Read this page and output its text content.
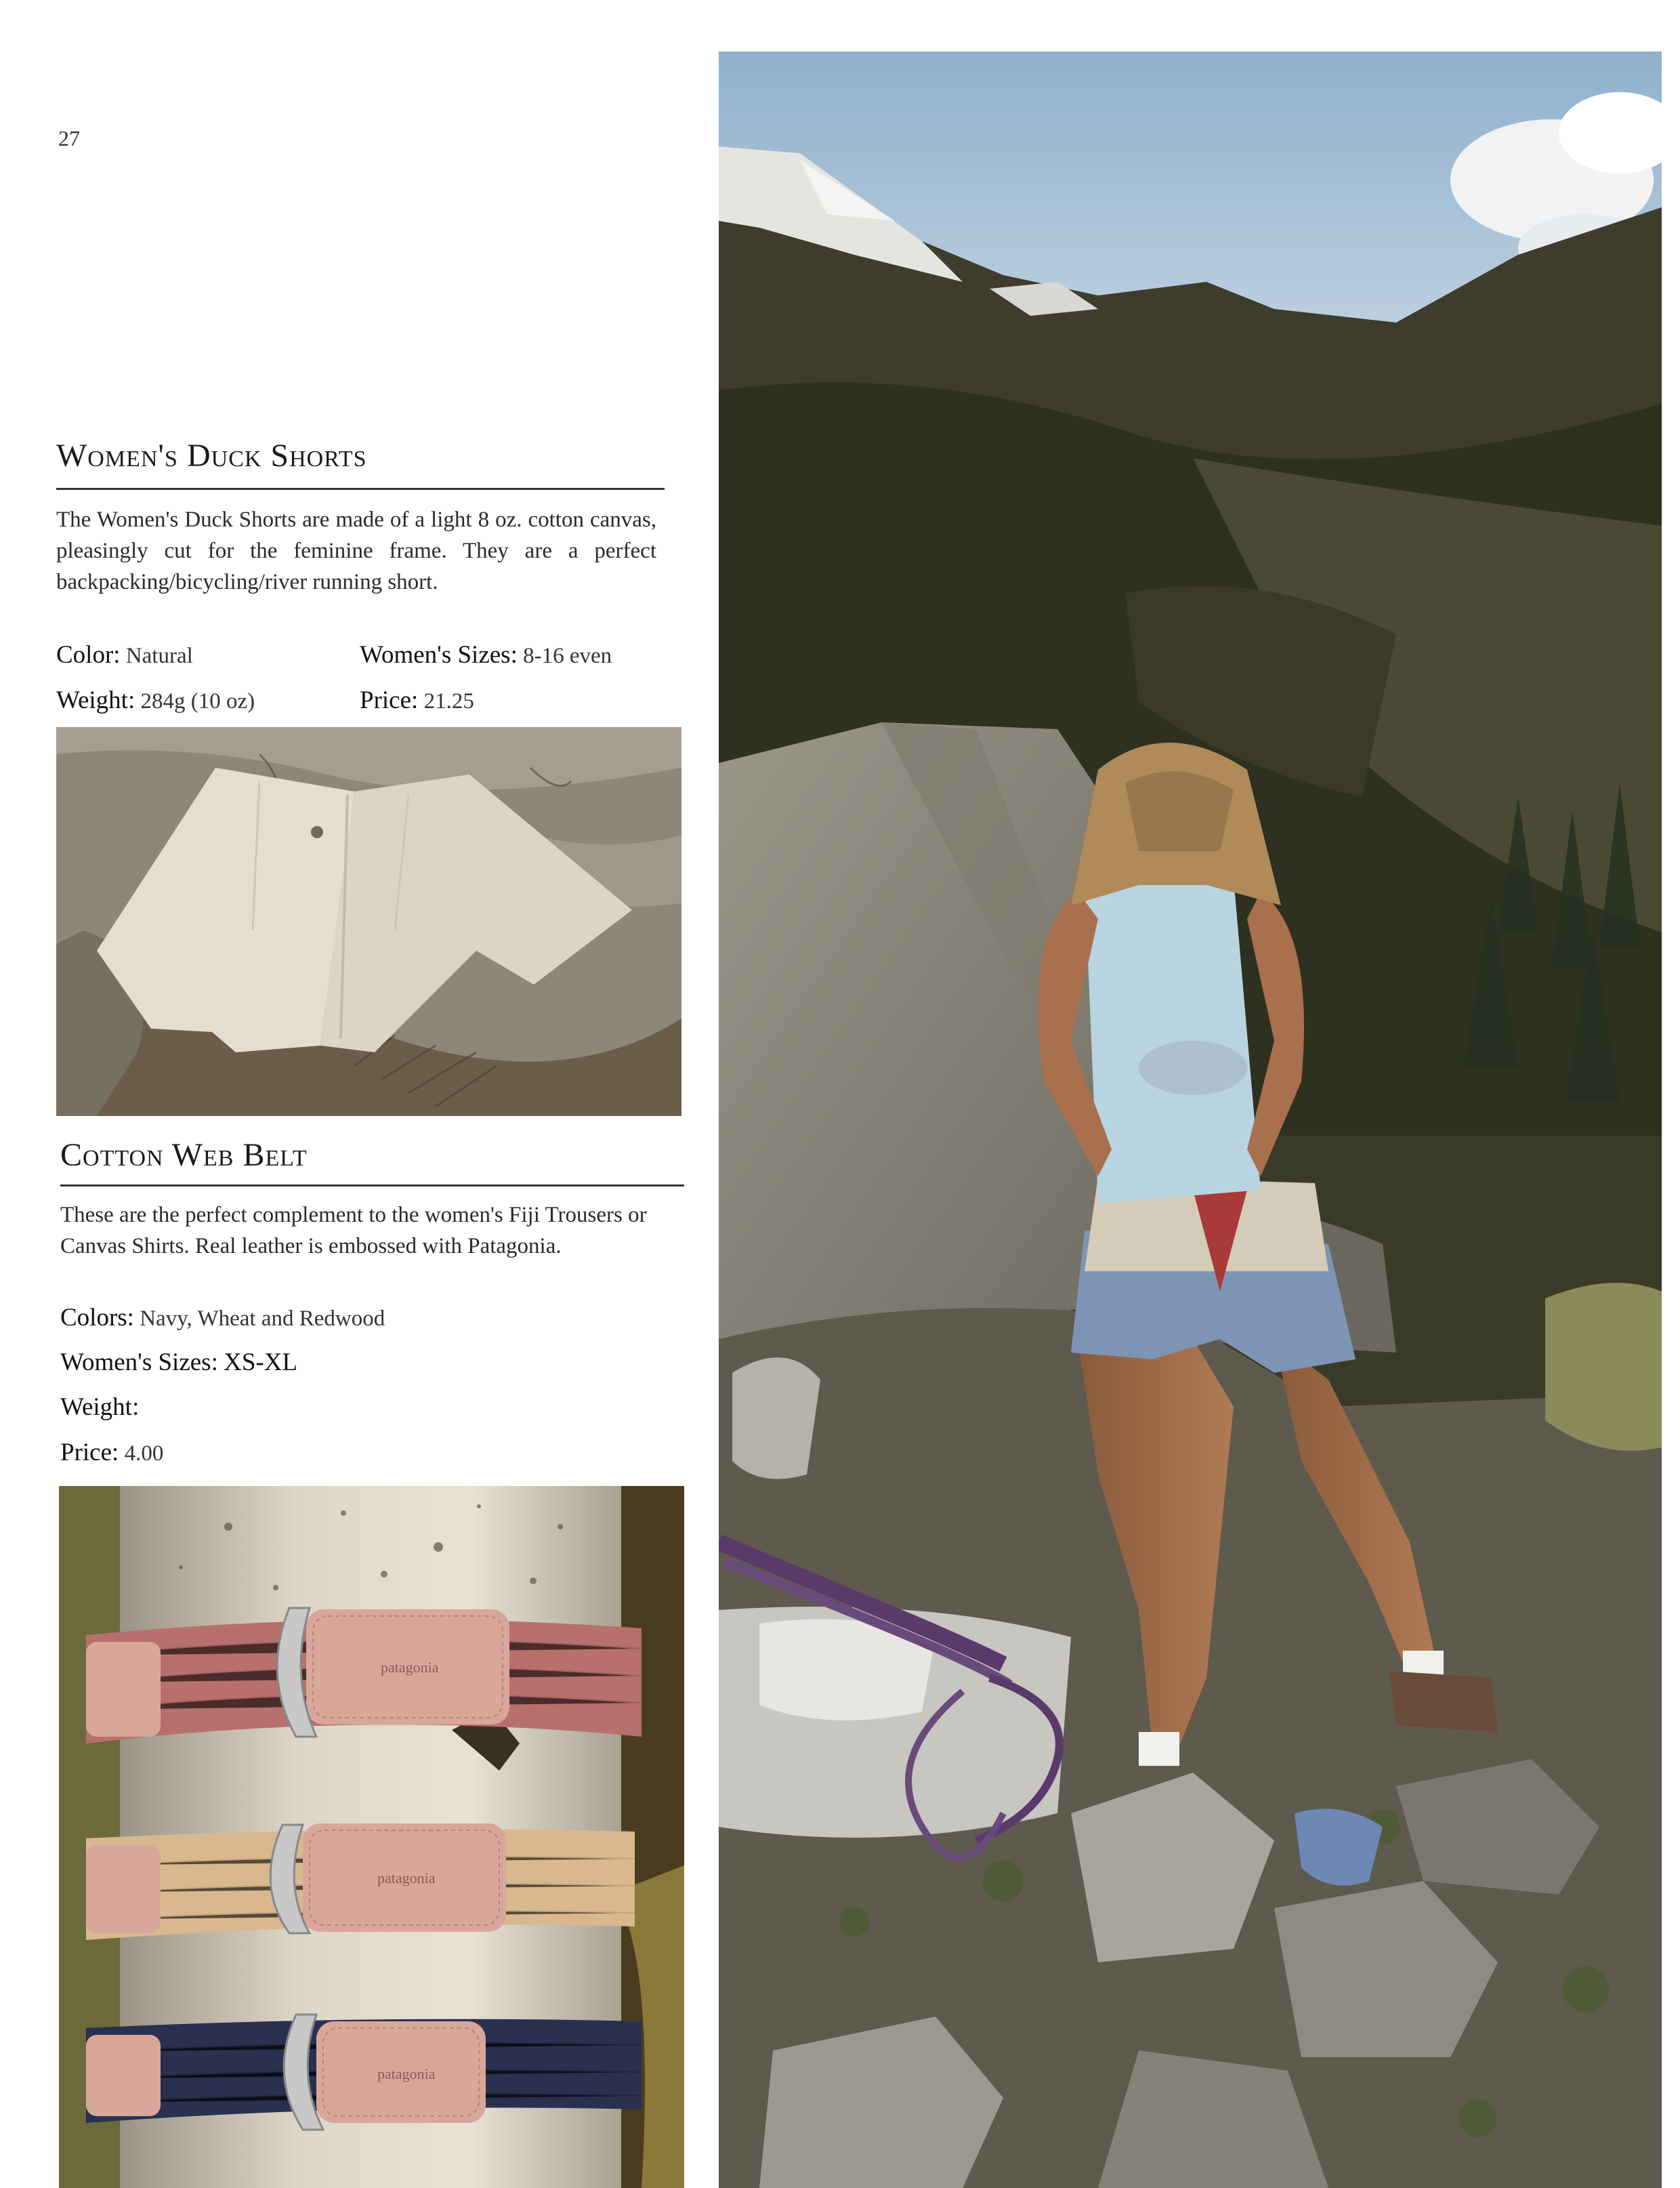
27
Women's Duck Shorts

The Women's Duck Shorts are made of a light 8 oz. cotton canvas, pleasingly cut for the feminine frame. They are a perfect backpacking/bicycling/river running short.

Color: Natural	Women's Sizes: 8-16 even
Weight: 284g (10 oz)	Price: 21.25
Cotton Web Belt

These are the perfect complement to the women's Fiji Trousers or Canvas Shirts. Real leather is embossed with Patagonia.

Colors: Navy, Wheat and Redwood
Women's Sizes: XS-XL
Weight:
Price: 4.00
patagonia
patagonia
patagonia
